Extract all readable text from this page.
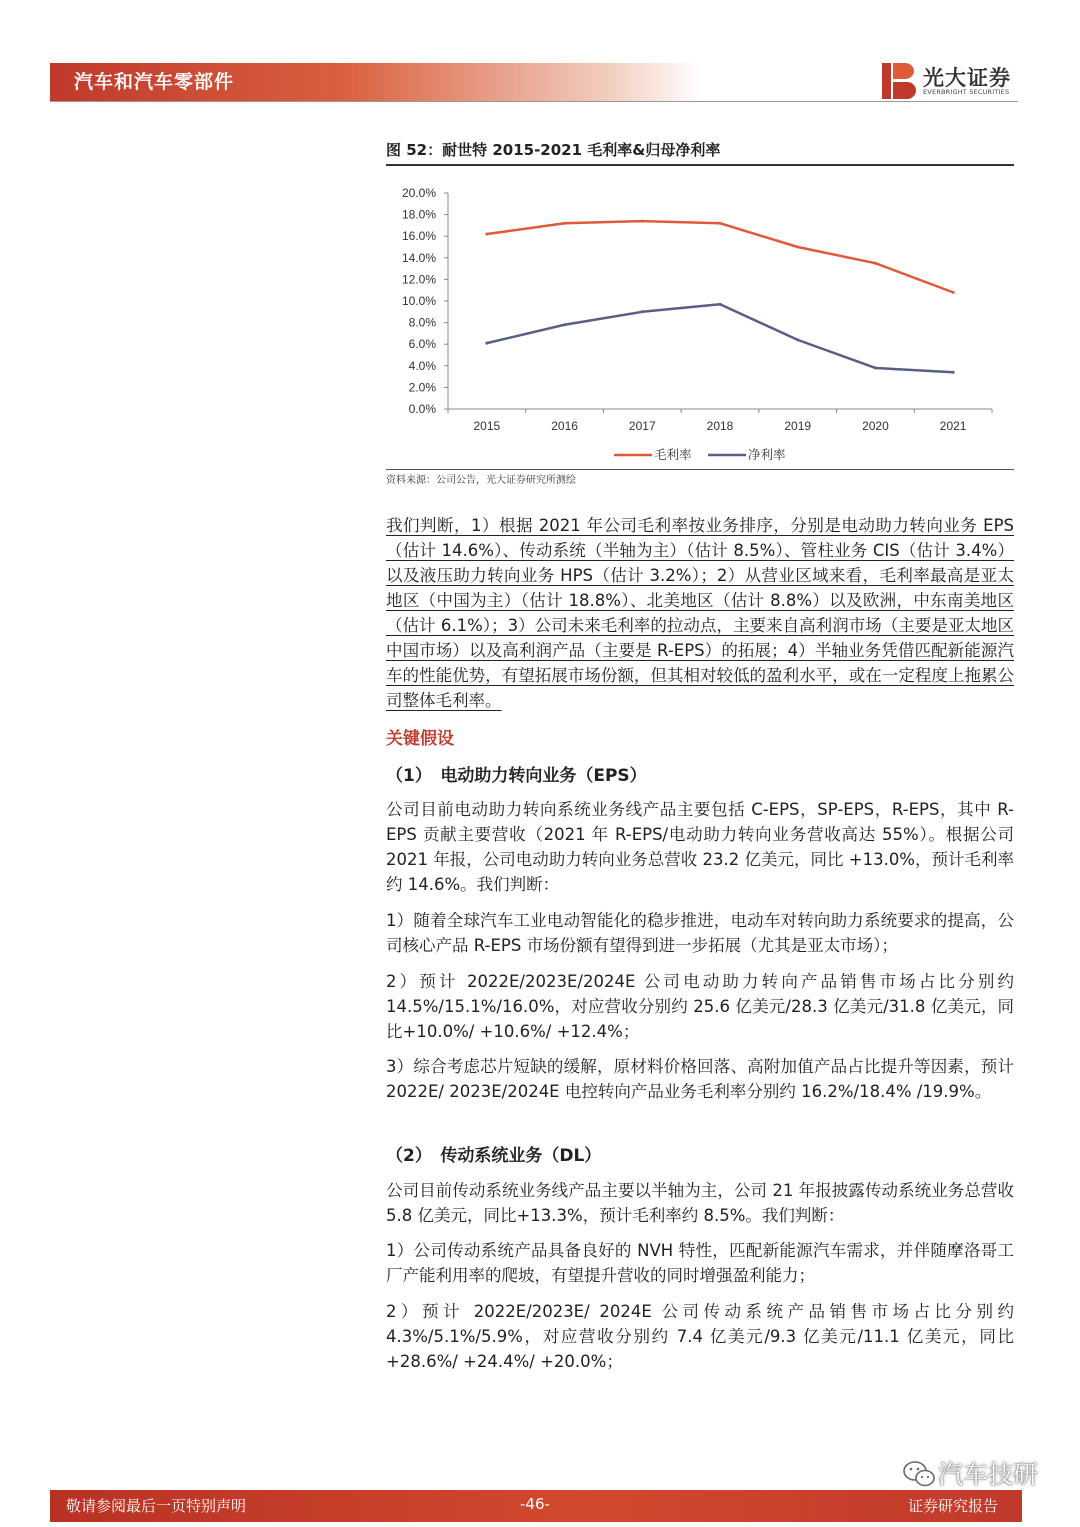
汽车和汽车零部件	光大证券
EVERBRIGHT SECURITIES
图 52：耐世特 2015-2021 毛利率&归母净利率
20.0%
18.0%
16.0%
14.0%
12.0%
10.0%
8.0%
6.0%
4.0%
2.0%
0.0%
2015	2016	2017	2018	2019	2020	2021
毛利率	净利率
资料来源：公司公告，光大证券研究所测绘
我们判断，1）根据 2021 年公司毛利率按业务排序，分别是电动助力转向业务 EPS（估计 14.6%）、传动系统（半轴为主）（估计 8.5%）、管柱业务 CIS（估计 3.4%）以及液压助力转向业务 HPS（估计 3.2%）；2）从营业区域来看，毛利率最高是亚太地区（中国为主）（估计 18.8%）、北美地区（估计 8.8%）以及欧洲，中东南美地区（估计 6.1%）；3）公司未来毛利率的拉动点，主要来自高利润市场（主要是亚太地区中国市场）以及高利润产品（主要是 R-EPS）的拓展；4）半轴业务凭借匹配新能源汽车的性能优势，有望拓展市场份额，但其相对较低的盈利水平，或在一定程度上拖累公司整体毛利率。
关键假设
（1）　电动助力转向业务（EPS）
公司目前电动助力转向系统业务线产品主要包括 C-EPS，SP-EPS，R-EPS，其中 R-EPS 贡献主要营收（2021 年 R-EPS/电动助力转向业务营收高达 55%）。根据公司 2021 年报，公司电动助力转向业务总营收 23.2 亿美元，同比 +13.0%，预计毛利率约 14.6%。我们判断：
1）随着全球汽车工业电动智能化的稳步推进，电动车对转向助力系统要求的提高，公司核心产品 R-EPS 市场份额有望得到进一步拓展（尤其是亚太市场）；
2）预计 2022E/2023E/2024E 公司电动助力转向产品销售市场占比分别约 14.5%/15.1%/16.0%，对应营收分别约 25.6 亿美元/28.3 亿美元/31.8 亿美元，同比+10.0%/ +10.6%/ +12.4%；
3）综合考虑芯片短缺的缓解，原材料价格回落、高附加值产品占比提升等因素，预计 2022E/ 2023E/2024E 电控转向产品业务毛利率分别约 16.2%/18.4% /19.9%。
（2）　传动系统业务（DL）
公司目前传动系统业务线产品主要以半轴为主，公司 21 年报披露传动系统业务总营收 5.8 亿美元，同比+13.3%，预计毛利率约 8.5%。我们判断：
1）公司传动系统产品具备良好的 NVH 特性，匹配新能源汽车需求，并伴随摩洛哥工厂产能利用率的爬坡，有望提升营收的同时增强盈利能力；
2）预计 2022E/2023E/ 2024E 公司传动系统产品销售市场占比分别约 4.3%/5.1%/5.9%，对应营收分别约 7.4 亿美元/9.3 亿美元/11.1 亿美元，同比 +28.6%/ +24.4%/ +20.0%；
汽车技研
敬请参阅最后一页特别声明	-46-	证券研究报告
